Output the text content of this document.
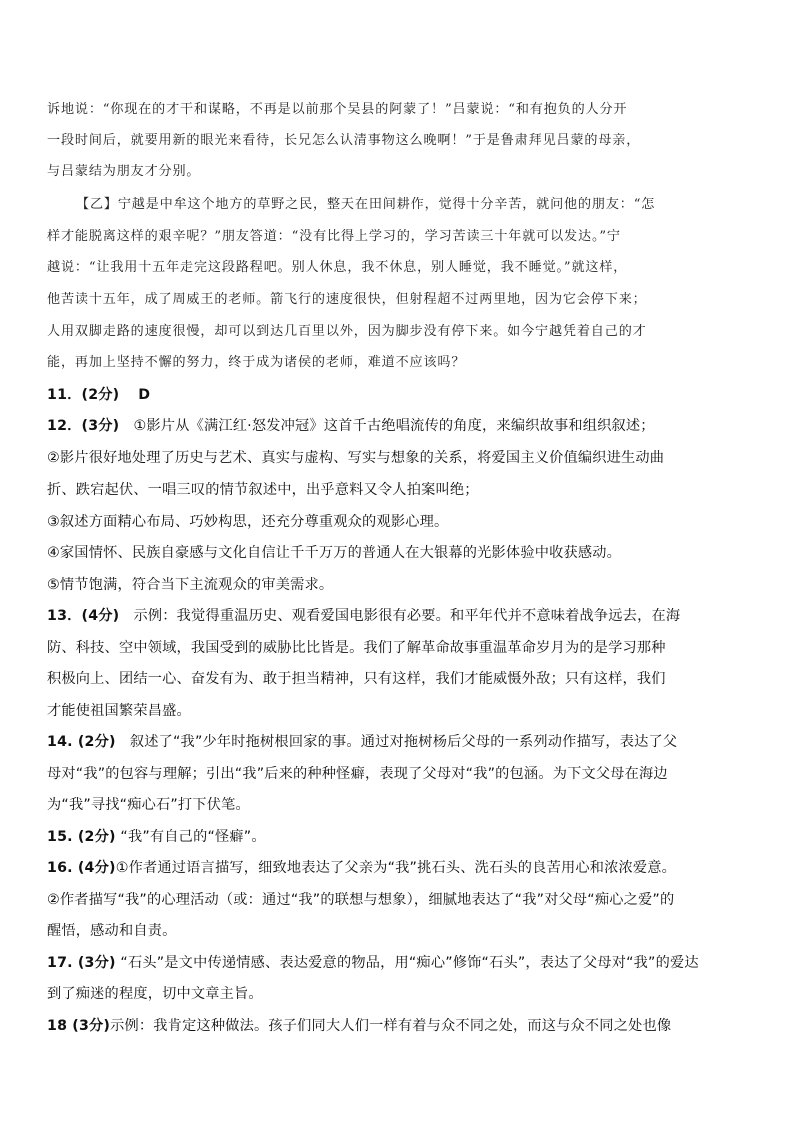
诉地说：“你现在的才干和谋略，不再是以前那个吴县的阿蒙了！”吕蒙说：“和有抱负的人分开
一段时间后，就要用新的眼光来看待，长兄怎么认清事物这么晚啊！”于是鲁肃拜见吕蒙的母亲，
与吕蒙结为朋友才分别。
【乙】宁越是中牟这个地方的草野之民，整天在田间耕作，觉得十分辛苦，就问他的朋友：“怎
样才能脱离这样的艰辛呢？”朋友答道：“没有比得上学习的，学习苦读三十年就可以发达。”宁
越说：“让我用十五年走完这段路程吧。别人休息，我不休息，别人睡觉，我不睡觉。”就这样，
他苦读十五年，成了周威王的老师。箭飞行的速度很快，但射程超不过两里地，因为它会停下来；
人用双脚走路的速度很慢，却可以到达几百里以外，因为脚步没有停下来。如今宁越凭着自己的才
能，再加上坚持不懈的努力，终于成为诸侯的老师，难道不应该吗？
11．(2分) D
12．(3分) ①影片从《满江红·怒发冲冠》这首千古绝唱流传的角度，来编织故事和组织叙述；
②影片很好地处理了历史与艺术、真实与虚构、写实与想象的关系，将爱国主义价值编织进生动曲
折、跌宕起伏、一唱三叹的情节叙述中，出乎意料又令人拍案叫绝；
③叙述方面精心布局、巧妙构思，还充分尊重观众的观影心理。
④家国情怀、民族自豪感与文化自信让千千万万的普通人在大银幕的光影体验中收获感动。
⑤情节饱满，符合当下主流观众的审美需求。
13．(4分) 示例：我觉得重温历史、观看爱国电影很有必要。和平年代并不意味着战争远去，在海
防、科技、空中领域，我国受到的威胁比比皆是。我们了解革命故事重温革命岁月为的是学习那种
积极向上、团结一心、奋发有为、敢于担当精神，只有这样，我们才能威慑外敌；只有这样，我们
才能使祖国繁荣昌盛。
14. (2分) 叙述了“我”少年时拖树根回家的事。通过对拖树杨后父母的一系列动作描写，表达了父
母对“我”的包容与理解；引出“我”后来的种种怪癖，表现了父母对“我”的包涵。为下文父母在海边
为“我”寻找“痴心石”打下伏笔。
15. (2分) “我”有自己的“怪癖”。
16. (4分)①作者通过语言描写，细致地表达了父亲为“我”挑石头、洗石头的良苦用心和浓浓爱意。
②作者描写“我”的心理活动（或：通过“我”的联想与想象），细腻地表达了“我”对父母“痴心之爱”的
醒悟，感动和自责。
17. (3分) “石头”是文中传递情感、表达爱意的物品，用“痴心”修饰“石头”，表达了父母对“我”的爱达
到了痴迷的程度，切中文章主旨。
18 (3分)示例：我肯定这种做法。孩子们同大人们一样有着与众不同之处，而这与众不同之处也像
